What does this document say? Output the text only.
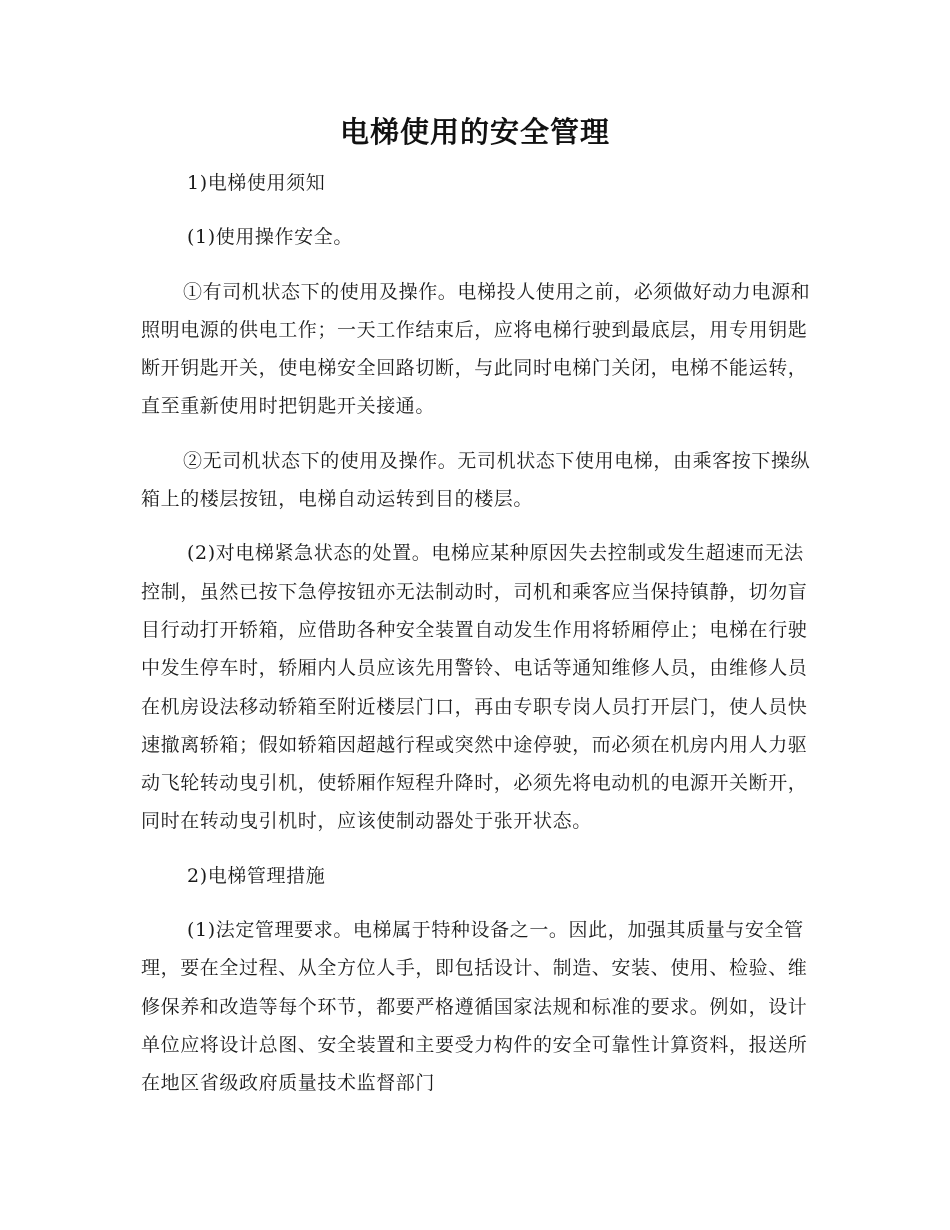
电梯使用的安全管理

1)电梯使用须知

(1)使用操作安全。

①有司机状态下的使用及操作。电梯投人使用之前，必须做好动力电源和照明电源的供电工作；一天工作结束后，应将电梯行驶到最底层，用专用钥匙断开钥匙开关，使电梯安全回路切断，与此同时电梯门关闭，电梯不能运转，直至重新使用时把钥匙开关接通。

②无司机状态下的使用及操作。无司机状态下使用电梯，由乘客按下操纵箱上的楼层按钮，电梯自动运转到目的楼层。

(2)对电梯紧急状态的处置。电梯应某种原因失去控制或发生超速而无法控制，虽然已按下急停按钮亦无法制动时，司机和乘客应当保持镇静，切勿盲目行动打开轿箱，应借助各种安全装置自动发生作用将轿厢停止；电梯在行驶中发生停车时，轿厢内人员应该先用警铃、电话等通知维修人员，由维修人员在机房设法移动轿箱至附近楼层门口，再由专职专岗人员打开层门，使人员快速撤离轿箱；假如轿箱因超越行程或突然中途停驶，而必须在机房内用人力驱动飞轮转动曳引机，使轿厢作短程升降时，必须先将电动机的电源开关断开，同时在转动曳引机时，应该使制动器处于张开状态。

2)电梯管理措施

(1)法定管理要求。电梯属于特种设备之一。因此，加强其质量与安全管理，要在全过程、从全方位人手，即包括设计、制造、安装、使用、检验、维修保养和改造等每个环节，都要严格遵循国家法规和标准的要求。例如，设计单位应将设计总图、安全装置和主要受力构件的安全可靠性计算资料，报送所在地区省级政府质量技术监督部门
